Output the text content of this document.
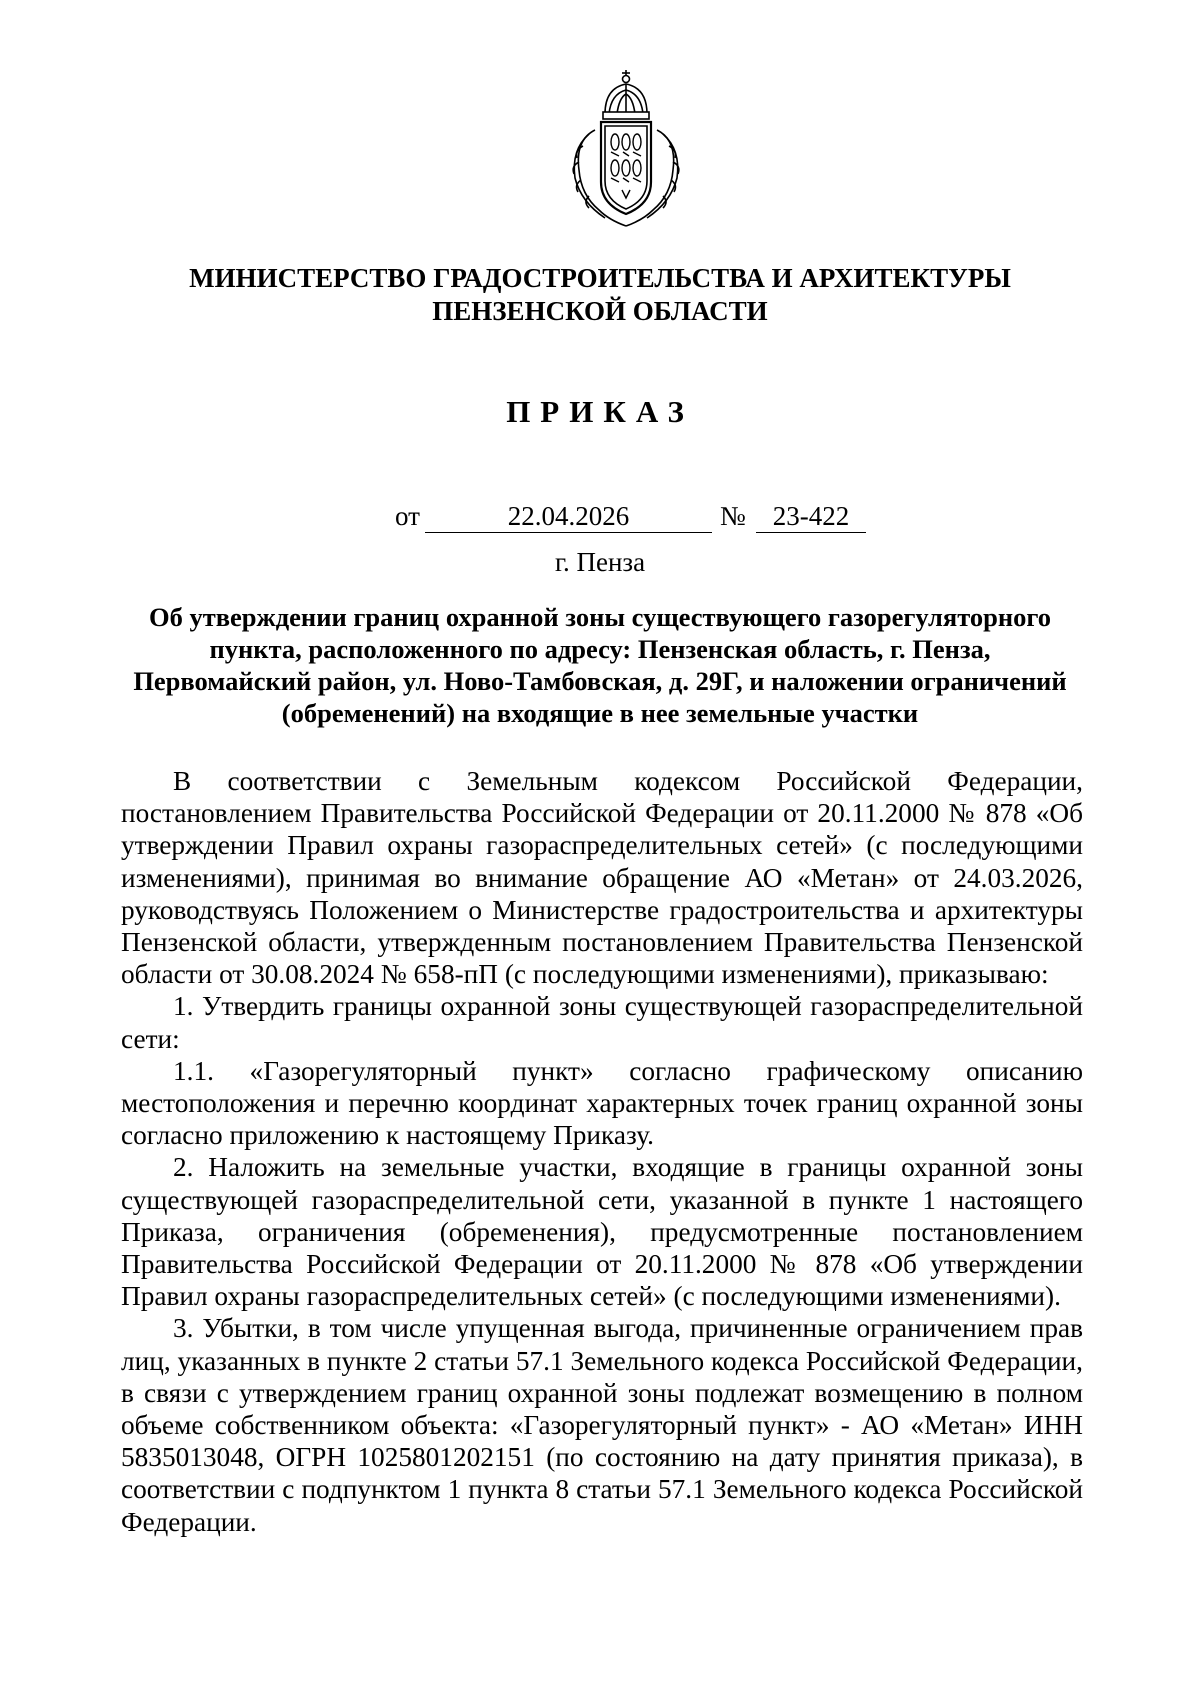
МИНИСТЕРСТВО ГРАДОСТРОИТЕЛЬСТВА И АРХИТЕКТУРЫ
ПЕНЗЕНСКОЙ ОБЛАСТИ
ПРИКАЗ
от	22.04.2026	№ 23-422
г. Пенза
Об утверждении границ охранной зоны существующего газорегуляторного пункта, расположенного по адресу: Пензенская область, г. Пенза, Первомайский район, ул. Ново-Тамбовская, д. 29Г, и наложении ограничений (обременений) на входящие в нее земельные участки

В соответствии с Земельным кодексом Российской Федерации, постановлением Правительства Российской Федерации от 20.11.2000 № 878 «Об утверждении Правил охраны газораспределительных сетей» (с последующими изменениями), принимая во внимание обращение АО «Метан» от 24.03.2026, руководствуясь Положением о Министерстве градостроительства и архитектуры Пензенской области, утвержденным постановлением Правительства Пензенской области от 30.08.2024 № 658-пП (с последующими изменениями), приказываю:

1. Утвердить границы охранной зоны существующей газораспределительной сети:

1.1. «Газорегуляторный пункт» согласно графическому описанию местоположения и перечню координат характерных точек границ охранной зоны согласно приложению к настоящему Приказу.

2. Наложить на земельные участки, входящие в границы охранной зоны существующей газораспределительной сети, указанной в пункте 1 настоящего Приказа, ограничения (обременения), предусмотренные постановлением Правительства Российской Федерации от 20.11.2000 № 878 «Об утверждении Правил охраны газораспределительных сетей» (с последующими изменениями).

3. Убытки, в том числе упущенная выгода, причиненные ограничением прав лиц, указанных в пункте 2 статьи 57.1 Земельного кодекса Российской Федерации, в связи с утверждением границ охранной зоны подлежат возмещению в полном объеме собственником объекта: «Газорегуляторный пункт» - АО «Метан» ИНН 5835013048, ОГРН 1025801202151 (по состоянию на дату принятия приказа), в соответствии с подпунктом 1 пункта 8 статьи 57.1 Земельного кодекса Российской Федерации.
